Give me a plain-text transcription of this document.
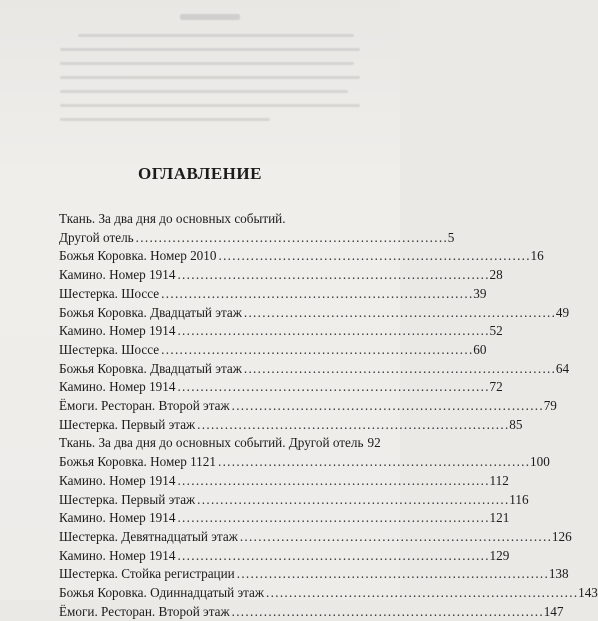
ОГЛАВЛЕНИЕ
Ткань. За два дня до основных событий.
Другой отель . . .	5
Божья Коровка. Номер 2010 . . .	16
Камино. Номер 1914 . . .	28
Шестерка. Шоссе . . .	39
Божья Коровка. Двадцатый этаж . . .	49
Камино. Номер 1914 . . .	52
Шестерка. Шоссе . . .	60
Божья Коровка. Двадцатый этаж . . .	64
Камино. Номер 1914 . . .	72
Ёмоги. Ресторан. Второй этаж . . .	79
Шестерка. Первый этаж . . .	85
Ткань. За два дня до основных событий. Другой отель 92
Божья Коровка. Номер 1121 . . .	100
Камино. Номер 1914 . . .	112
Шестерка. Первый этаж . . .	116
Камино. Номер 1914 . . .	121
Шестерка. Девятнадцатый этаж . . .	126
Камино. Номер 1914 . . .	129
Шестерка. Стойка регистрации . . .	138
Божья Коровка. Одиннадцатый этаж . . .	143
Ёмоги. Ресторан. Второй этаж . . .	147
